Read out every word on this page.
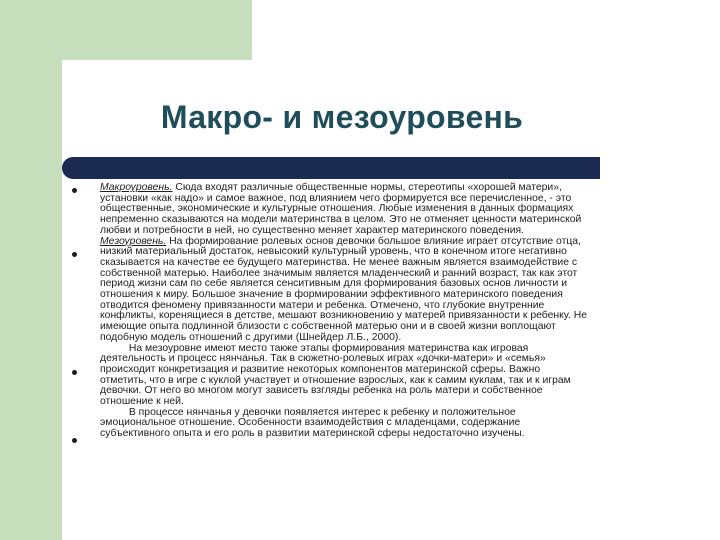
Макро- и мезоуровень
Макроуровень. Сюда входят различные общественные нормы, стереотипы «хорошей матери»,
установки «как надо» и самое важное, под влиянием чего формируется все перечисленное, - это
общественные, экономические и культурные отношения. Любые изменения в данных формациях
непременно сказываются на модели материнства в целом. Это не отменяет ценности материнской
любви и потребности в ней, но существенно меняет характер материнского поведения.
Мезоуровень. На формирование ролевых основ девочки большое влияние играет отсутствие отца,
низкий материальный достаток, невысокий культурный уровень, что в конечном итоге негативно
сказывается на качестве ее будущего материнства. Не менее важным является взаимодействие с
собственной матерью. Наиболее значимым является младенческий и ранний возраст, так как этот
период жизни сам по себе является сенситивным для формирования базовых основ личности и
отношения к миру. Большое значение в формировании эффективного материнского поведения
отводится феномену привязанности матери и ребенка. Отмечено, что глубокие внутренние
конфликты, коренящиеся в детстве, мешают возникновению у матерей привязанности к ребенку. Не
имеющие опыта подлинной близости с собственной матерью они и в своей жизни воплощают
подобную модель отношений с другими (Шнейдер Л.Б., 2000).
На мезоуровне имеют место также этапы формирования материнства как игровая
деятельность и процесс нянчанья. Так в сюжетно-ролевых играх «дочки-матери» и «семья»
происходит конкретизация и развитие некоторых компонентов материнской сферы. Важно
отметить, что в игре с куклой участвует и отношение взрослых, как к самим куклам, так и к играм
девочки. От него во многом могут зависеть взгляды ребенка на роль матери и собственное
отношение к ней.
В процессе нянчанья у девочки появляется интерес к ребенку и положительное
эмоциональное отношение. Особенности взаимодействия с младенцами, содержание
субъективного опыта и его роль в развитии материнской сферы недостаточно изучены.
